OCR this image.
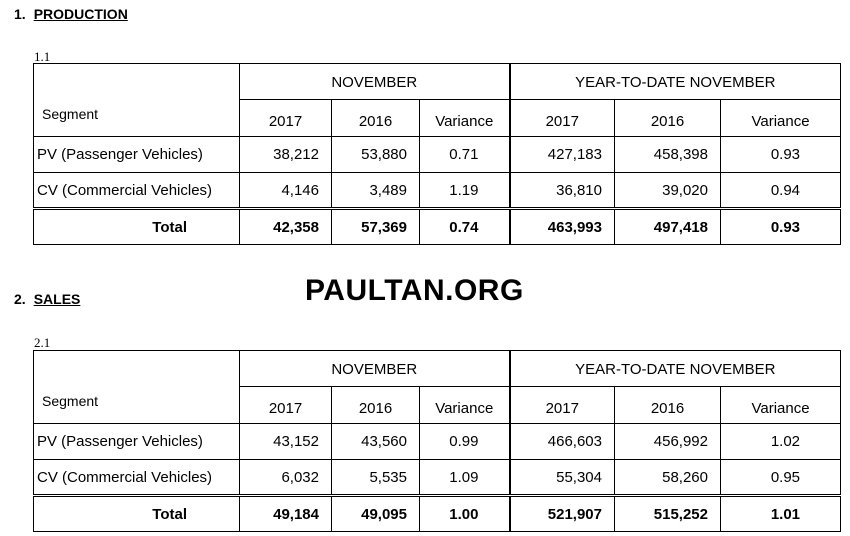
1. PRODUCTION
1.1
Segment	NOVEMBER			YEAR-TO-DATE NOVEMBER		
	2017	2016	Variance	2017	2016	Variance
PV (Passenger Vehicles)	38,212	53,880	0.71	427,183	458,398	0.93
CV (Commercial Vehicles)	4,146	3,489	1.19	36,810	39,020	0.94
Total	42,358	57,369	0.74	463,993	497,418	0.93
PAULTAN.ORG
2. SALES
2.1
Segment	NOVEMBER			YEAR-TO-DATE NOVEMBER		
	2017	2016	Variance	2017	2016	Variance
PV (Passenger Vehicles)	43,152	43,560	0.99	466,603	456,992	1.02
CV (Commercial Vehicles)	6,032	5,535	1.09	55,304	58,260	0.95
Total	49,184	49,095	1.00	521,907	515,252	1.01
